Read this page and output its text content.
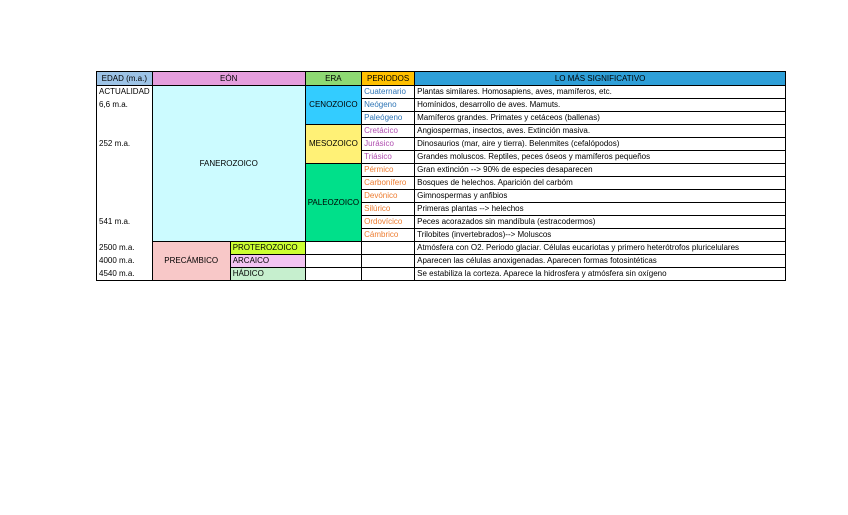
EDAD (m.a.)	EÓN		ERA	PERIODOS	LO MÁS SIGNIFICATIVO
ACTUALIDAD	FANEROZOICO		CENOZOICO	Cuaternario	Plantas similares. Homosapiens, aves, mamíferos, etc.
6,6 m.a.				Neógeno	Homínidos, desarrollo de aves. Mamuts.
				Paleógeno	Mamíferos grandes. Primates y cetáceos (ballenas)
			MESOZOICO	Cretácico	Angiospermas, insectos, aves. Extinción masiva.
252 m.a.				Jurásico	Dinosaurios (mar, aire y tierra). Belenmites (cefalópodos)
				Triásico	Grandes moluscos. Reptiles, peces óseos y mamíferos pequeños
			PALEOZOICO	Pérmico	Gran extinción --> 90% de especies desaparecen
				Carbonífero	Bosques de helechos. Aparición del carbóm
				Devónico	Gimnospermas y anfibios
				Silúrico	Primeras plantas --> helechos
541 m.a.				Ordovícico	Peces acorazados sin mandíbula (estracodermos)
				Cámbrico	Trilobites (invertebrados)--> Moluscos
2500 m.a.	PRECÁMBICO	PROTEROZOICO			Atmósfera con O2. Periodo glaciar. Células eucariotas y primero heterótrofos pluricelulares
4000 m.a.		ARCAICO			Aparecen las células anoxigenadas. Aparecen formas fotosintéticas
4540 m.a.		HÁDICO			Se estabiliza la corteza. Aparece la hidrosfera y atmósfera sin oxígeno
